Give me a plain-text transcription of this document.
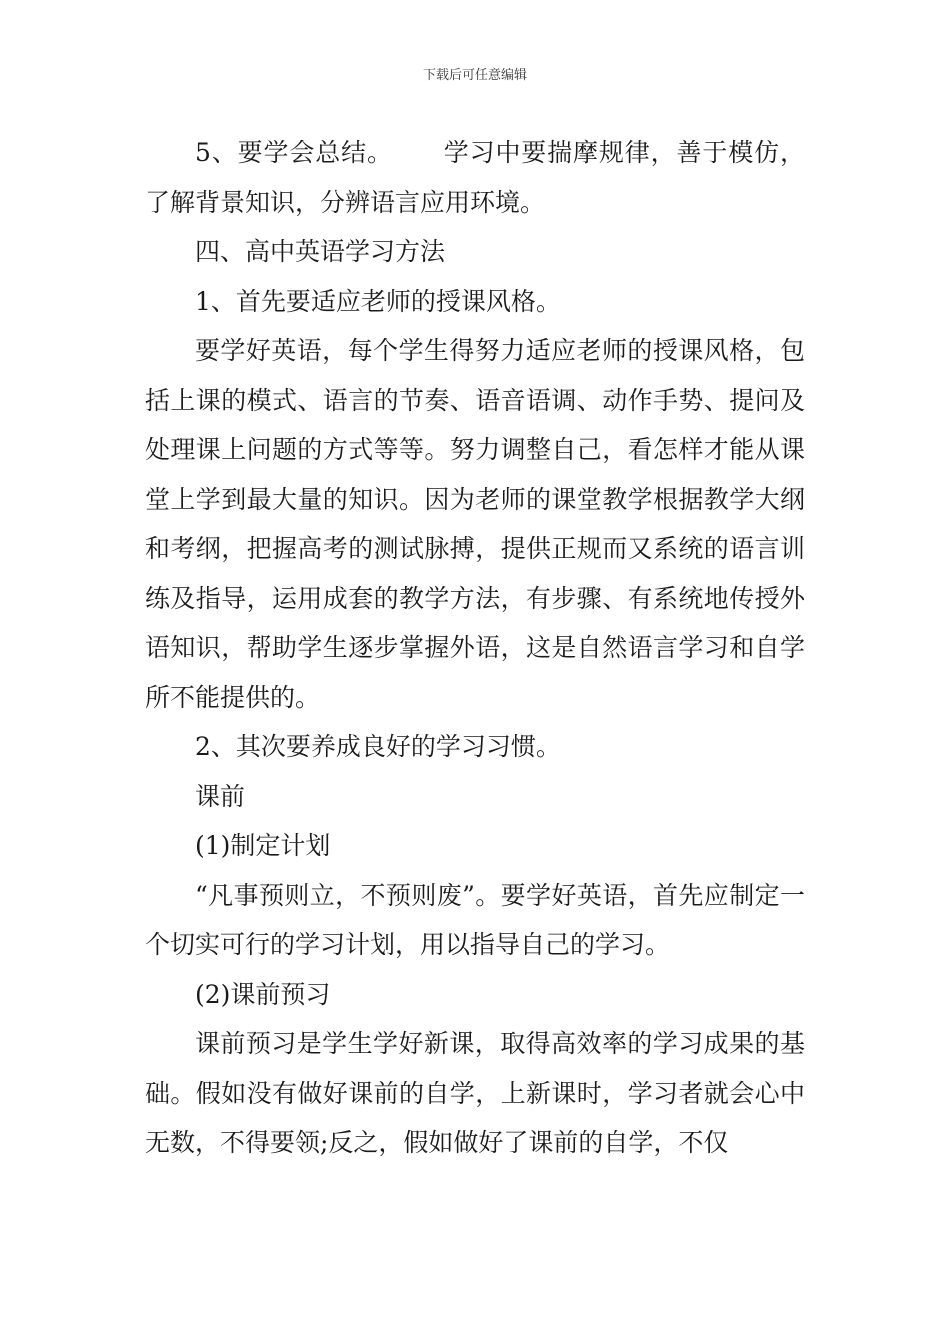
下载后可任意编辑

5、要学会总结。 学习中要揣摩规律，善于模仿，了解背景知识，分辨语言应用环境。

四、高中英语学习方法

1、首先要适应老师的授课风格。

要学好英语，每个学生得努力适应老师的授课风格，包括上课的模式、语言的节奏、语音语调、动作手势、提问及处理课上问题的方式等等。努力调整自己，看怎样才能从课堂上学到最大量的知识。因为老师的课堂教学根据教学大纲和考纲，把握高考的测试脉搏，提供正规而又系统的语言训练及指导，运用成套的教学方法，有步骤、有系统地传授外语知识，帮助学生逐步掌握外语，这是自然语言学习和自学所不能提供的。

2、其次要养成良好的学习习惯。

课前

(1)制定计划

“凡事预则立，不预则废”。要学好英语，首先应制定一个切实可行的学习计划，用以指导自己的学习。

(2)课前预习

课前预习是学生学好新课，取得高效率的学习成果的基础。假如没有做好课前的自学，上新课时，学习者就会心中无数，不得要领;反之，假如做好了课前的自学，不仅
